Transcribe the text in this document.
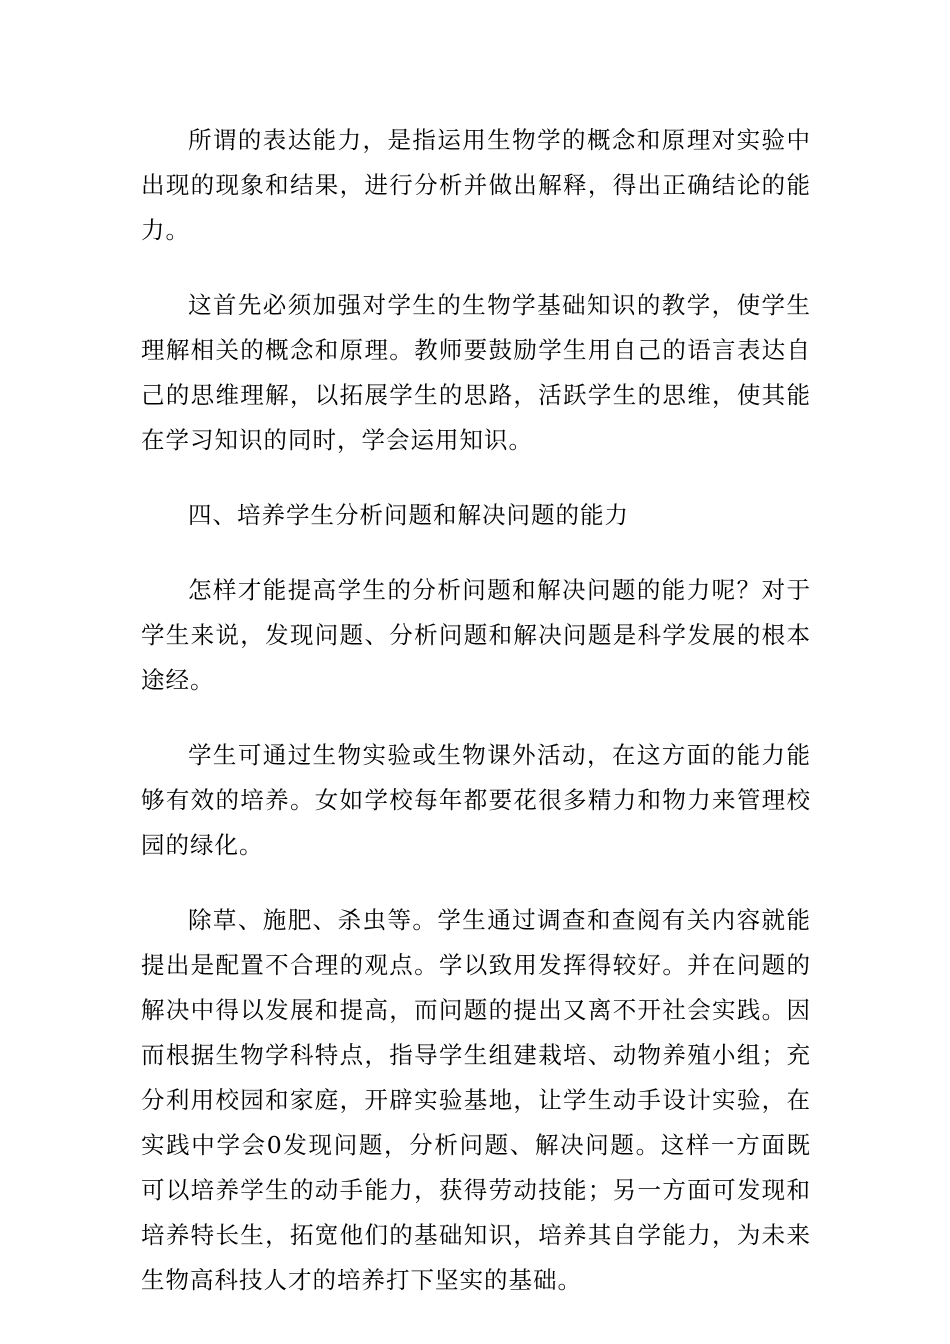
所谓的表达能力，是指运用生物学的概念和原理对实验中出现的现象和结果，进行分析并做出解释，得出正确结论的能力。

这首先必须加强对学生的生物学基础知识的教学，使学生理解相关的概念和原理。教师要鼓励学生用自己的语言表达自己的思维理解，以拓展学生的思路，活跃学生的思维，使其能在学习知识的同时，学会运用知识。

四、培养学生分析问题和解决问题的能力

怎样才能提高学生的分析问题和解决问题的能力呢？对于学生来说，发现问题、分析问题和解决问题是科学发展的根本途经。

学生可通过生物实验或生物课外活动，在这方面的能力能够有效的培养。女如学校每年都要花很多精力和物力来管理校园的绿化。

除草、施肥、杀虫等。学生通过调查和查阅有关内容就能提出是配置不合理的观点。学以致用发挥得较好。并在问题的解决中得以发展和提高，而问题的提出又离不开社会实践。因而根据生物学科特点，指导学生组建栽培、动物养殖小组；充分利用校园和家庭，开辟实验基地，让学生动手设计实验，在实践中学会0发现问题，分析问题、解决问题。这样一方面既可以培养学生的动手能力，获得劳动技能；另一方面可发现和培养特长生，拓宽他们的基础知识，培养其自学能力，为未来生物高科技人才的培养打下坚实的基础。
